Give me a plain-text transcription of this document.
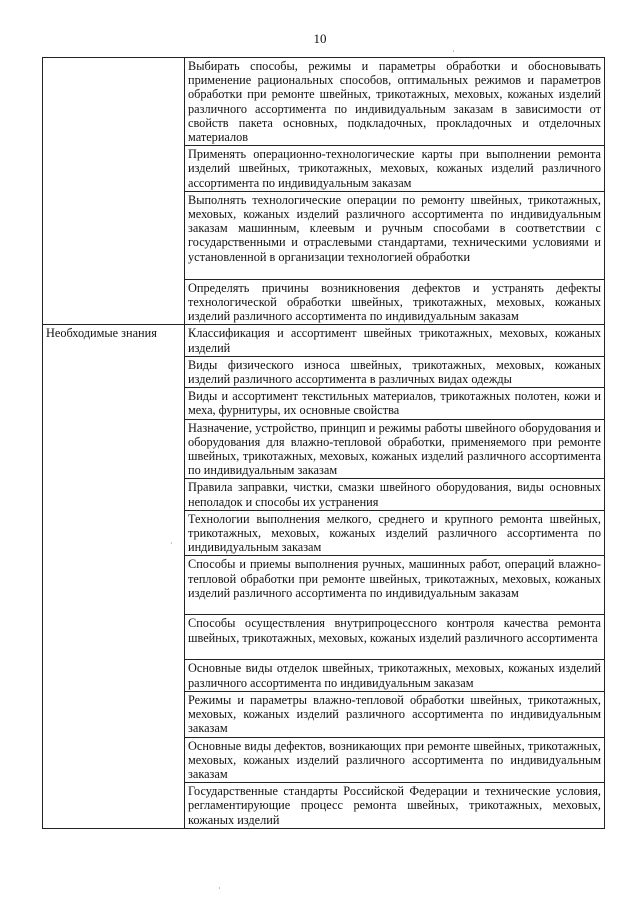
10
·
·
·
	Выбирать способы, режимы и параметры обработки и обосновывать применение рациональных способов, оптимальных режимов и параметров обработки при ремонте швейных, трикотажных, меховых, кожаных изделий различного ассортимента по индивидуальным заказам в зависимости от свойств пакета основных, подкладочных, прокладочных и отделочных материалов
	Применять операционно-технологические карты при выполнении ремонта изделий швейных, трикотажных, меховых, кожаных изделий различного ассортимента по индивидуальным заказам
	Выполнять технологические операции по ремонту швейных, трикотажных, меховых, кожаных изделий различного ассортимента по индивидуальным заказам машинным, клеевым и ручным способами в соответствии с государственными и отраслевыми стандартами, техническими условиями и установленной в организации технологией обработки
	Определять причины возникновения дефектов и устранять дефекты технологической обработки швейных, трикотажных, меховых, кожаных изделий различного ассортимента по индивидуальным заказам
Необходимые знания	Классификация и ассортимент швейных трикотажных, меховых, кожаных изделий
	Виды физического износа швейных, трикотажных, меховых, кожаных изделий различного ассортимента в различных видах одежды
	Виды и ассортимент текстильных материалов, трикотажных полотен, кожи и меха, фурнитуры, их основные свойства
	Назначение, устройство, принцип и режимы работы швейного оборудования и оборудования для влажно-тепловой обработки, применяемого при ремонте швейных, трикотажных, меховых, кожаных изделий различного ассортимента по индивидуальным заказам
	Правила заправки, чистки, смазки швейного оборудования, виды основных неполадок и способы их устранения
	Технологии выполнения мелкого, среднего и крупного ремонта швейных, трикотажных, меховых, кожаных изделий различного ассортимента по индивидуальным заказам
	Способы и приемы выполнения ручных, машинных работ, операций влажно-тепловой обработки при ремонте швейных, трикотажных, меховых, кожаных изделий различного ассортимента по индивидуальным заказам
	Способы осуществления внутрипроцессного контроля качества ремонта швейных, трикотажных, меховых, кожаных изделий различного ассортимента
	Основные виды отделок швейных, трикотажных, меховых, кожаных изделий различного ассортимента по индивидуальным заказам
	Режимы и параметры влажно-тепловой обработки швейных, трикотажных, меховых, кожаных изделий различного ассортимента по индивидуальным заказам
	Основные виды дефектов, возникающих при ремонте швейных, трикотажных, меховых, кожаных изделий различного ассортимента по индивидуальным заказам
	Государственные стандарты Российской Федерации и технические условия, регламентирующие процесс ремонта швейных, трикотажных, меховых, кожаных изделий
